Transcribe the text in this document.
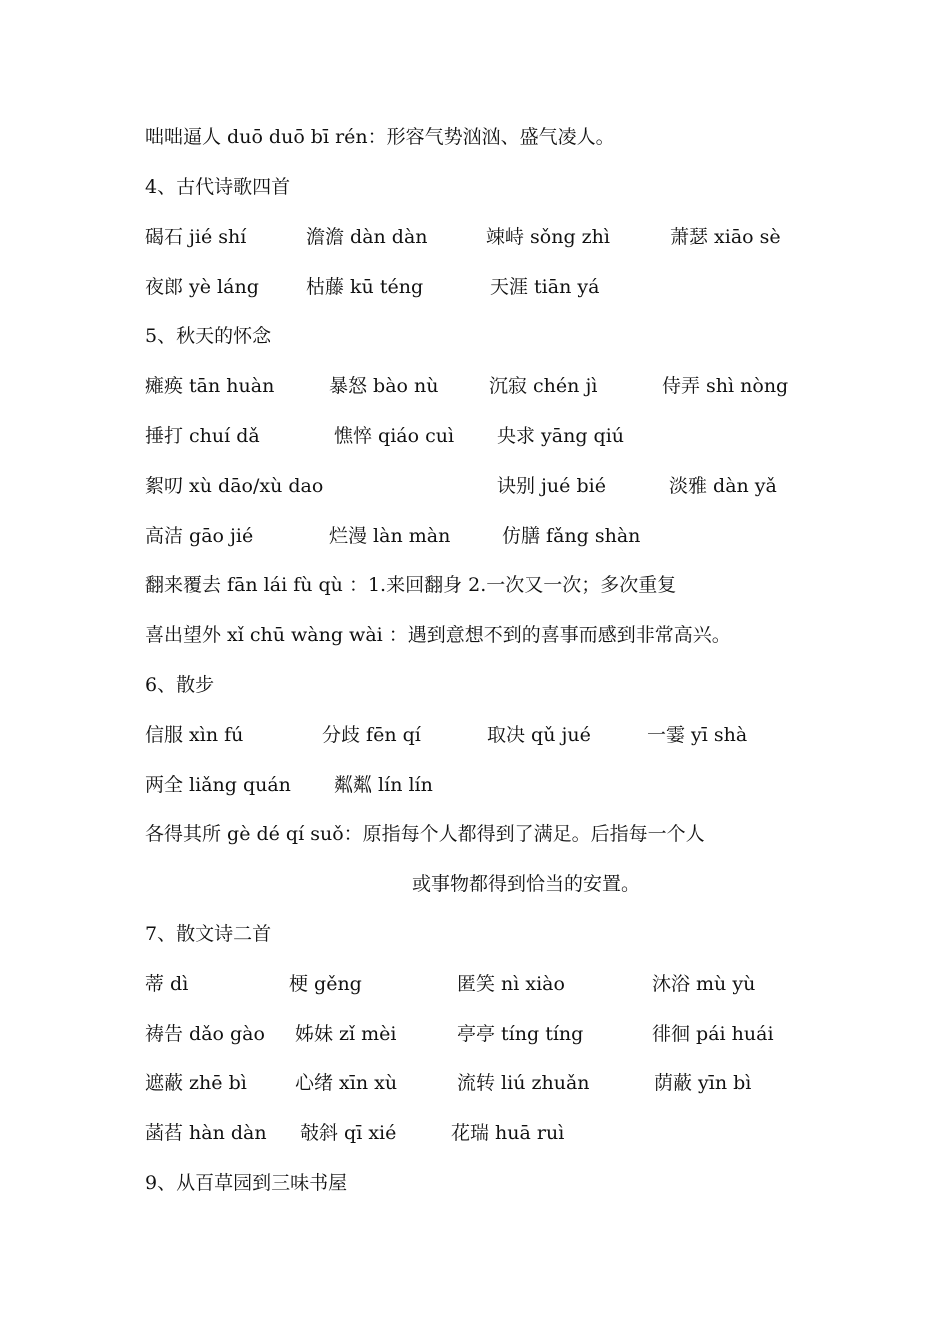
咄咄逼人 duō duō bī rén：形容气势汹汹、盛气凌人。
4、古代诗歌四首
碣石 jié shí	澹澹 dàn dàn	竦峙 sǒng zhì	萧瑟 xiāo sè
夜郎 yè láng 枯藤 kū téng	天涯 tiān yá
5、秋天的怀念
瘫痪 tān huàn	暴怒 bào nù	沉寂 chén jì	侍弄 shì nòng
捶打 chuí dǎ	憔悴 qiáo cuì 央求 yāng qiú
絮叨 xù dāo/xù dao	诀别 jué bié	淡雅 dàn yǎ
高洁 gāo jié	烂漫 làn màn	仿膳 fǎng shàn
翻来覆去 fān lái fù qù ：1.来回翻身 2.一次又一次；多次重复
喜出望外 xǐ chū wàng wài ：遇到意想不到的喜事而感到非常高兴。
6、散步
信服 xìn fú	分歧 fēn qí	取决 qǔ jué	一霎 yī shà
两全 liǎng quán 粼粼 lín lín
各得其所 gè dé qí suǒ：原指每个人都得到了满足。后指每一个人
或事物都得到恰当的安置。
7、散文诗二首
蒂 dì	梗 gěng	匿笑 nì xiào	沐浴 mù yù
祷告 dǎo gào 姊妹 zǐ mèi	亭亭 tíng tíng	徘徊 pái huái
遮蔽 zhē bì	心绪 xīn xù	流转 liú zhuǎn	荫蔽 yīn bì
菡萏 hàn dàn 攲斜 qī xié	花瑞 huā ruì
9、从百草园到三味书屋
